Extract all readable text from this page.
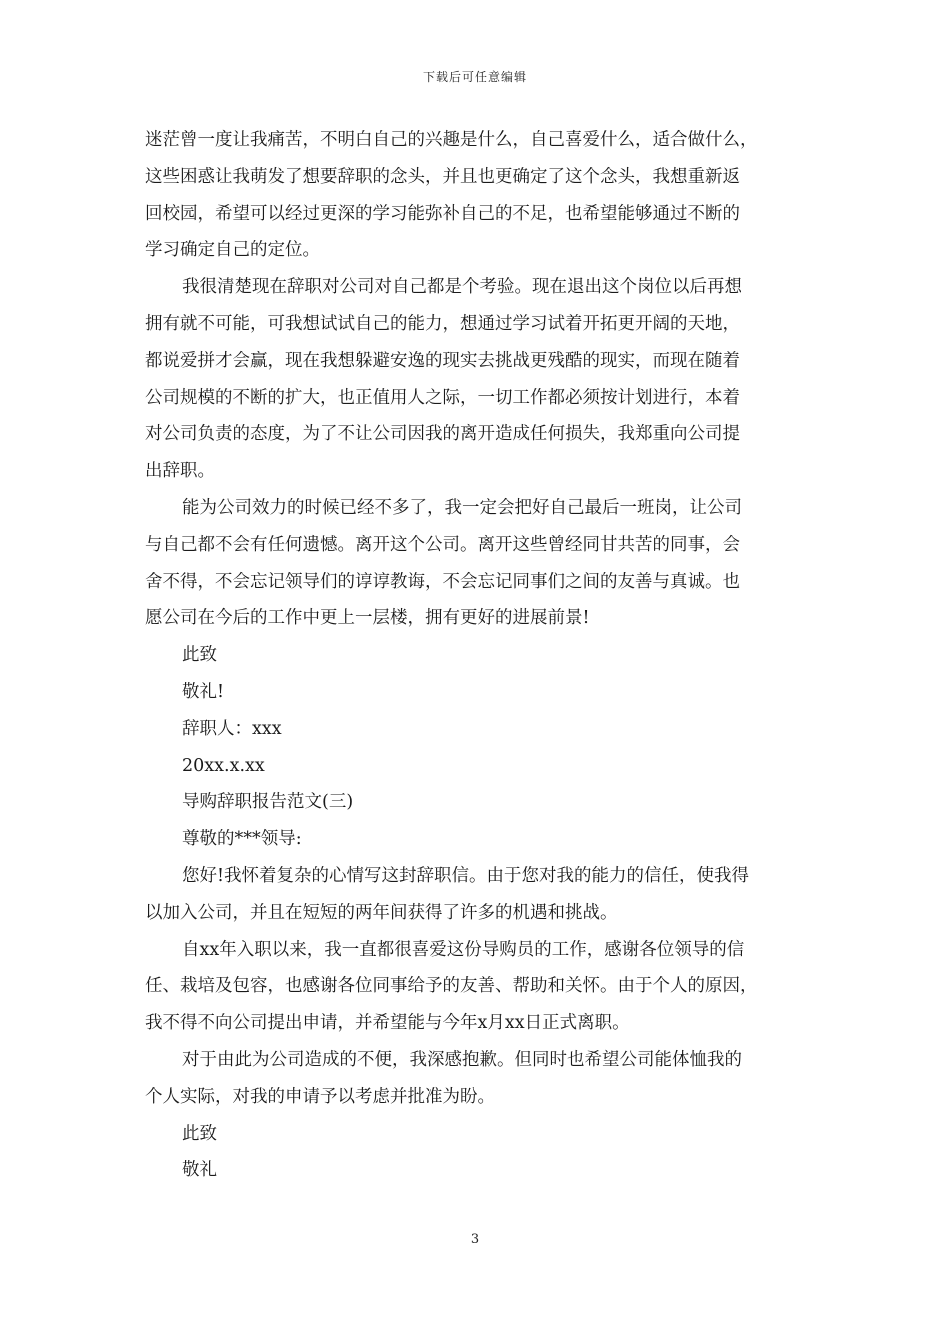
下载后可任意编辑
迷茫曾一度让我痛苦，不明白自己的兴趣是什么，自己喜爱什么，适合做什么，
这些困惑让我萌发了想要辞职的念头，并且也更确定了这个念头，我想重新返
回校园，希望可以经过更深的学习能弥补自己的不足，也希望能够通过不断的
学习确定自己的定位。
我很清楚现在辞职对公司对自己都是个考验。现在退出这个岗位以后再想
拥有就不可能，可我想试试自己的能力，想通过学习试着开拓更开阔的天地，
都说爱拼才会赢，现在我想躲避安逸的现实去挑战更残酷的现实，而现在随着
公司规模的不断的扩大，也正值用人之际，一切工作都必须按计划进行，本着
对公司负责的态度，为了不让公司因我的离开造成任何损失，我郑重向公司提
出辞职。
能为公司效力的时候已经不多了，我一定会把好自己最后一班岗，让公司
与自己都不会有任何遗憾。离开这个公司。离开这些曾经同甘共苦的同事，会
舍不得，不会忘记领导们的谆谆教诲，不会忘记同事们之间的友善与真诚。也
愿公司在今后的工作中更上一层楼，拥有更好的进展前景!
此致
敬礼!
辞职人：xxx
20xx.x.xx
导购辞职报告范文(三)
尊敬的***领导:
您好!我怀着复杂的心情写这封辞职信。由于您对我的能力的信任，使我得
以加入公司，并且在短短的两年间获得了许多的机遇和挑战。
自xx年入职以来，我一直都很喜爱这份导购员的工作，感谢各位领导的信
任、栽培及包容，也感谢各位同事给予的友善、帮助和关怀。由于个人的原因，
我不得不向公司提出申请，并希望能与今年x月xx日正式离职。
对于由此为公司造成的不便，我深感抱歉。但同时也希望公司能体恤我的
个人实际，对我的申请予以考虑并批准为盼。
此致
敬礼
3
